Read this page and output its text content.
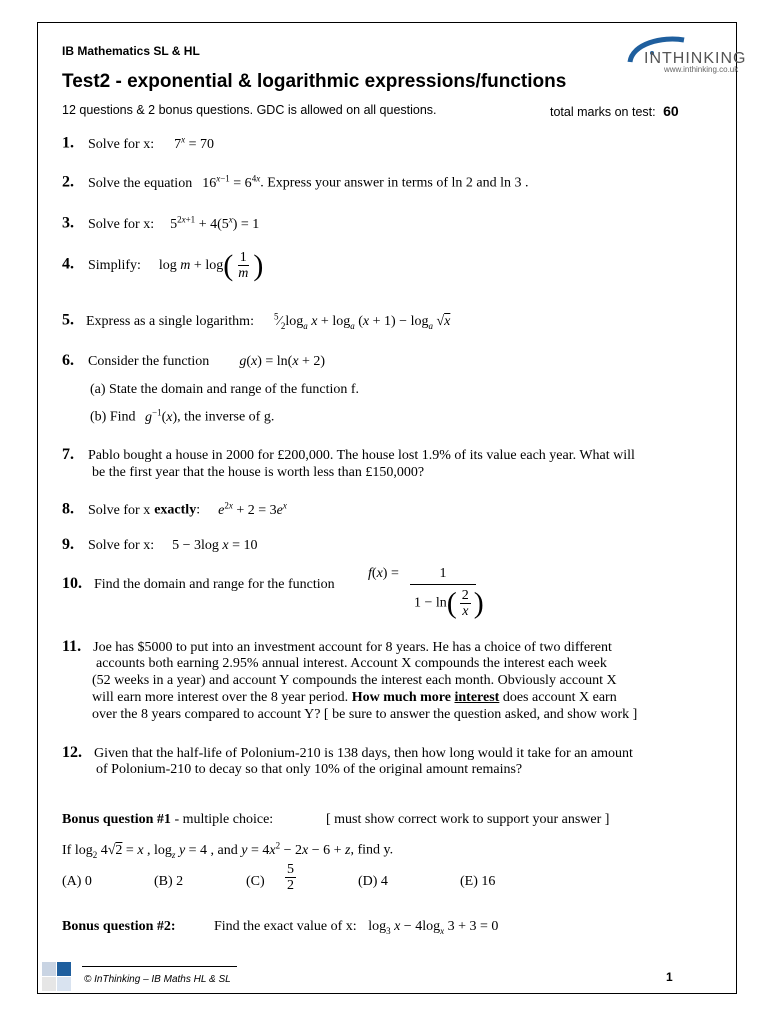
IB Mathematics SL & HL	INTHINKING
www.inthinking.co.uk
Test2 - exponential & logarithmic expressions/functions
12 questions & 2 bonus questions. GDC is allowed on all questions.	total marks on test: 60
1. Solve for x: $7^x = 70$
2. Solve the equation $16^{x-1} = 6^{4x}$. Express your answer in terms of ln 2 and ln 3 .
3. Solve for x: $5^{2x+1} + 4(5^x) = 1$
4. Simplify: $\log m + \log( \frac{1}{m}$ )
5. Express as a single logarithm: $^5⁄_2\log_a$ $x + \log_a (x + 1) - \log_a √x$
6. Consider the function g(x) = ln(x + 2)
(a) State the domain and range of the function f.
(b) Find $g^{-1}(x)$, the inverse of g.
7. Pablo bought a house in 2000 for £200,000. The house lost 1.9% of its value each year. What will
be the first year that the house is worth less than £150,000?
8. Solve for x exactly: $e^{2x} + 2 = 3e^x$
9. Solve for x: 5 − 3log x = 10
10. Find the domain and range for the function
f(x) =	1
$1 - \ln( \frac{2}{x}$ )
11. Joe has $5000 to put into an investment account for 8 years. He has a choice of two different
accounts both earning 2.95% annual interest. Account X compounds the interest each week
(52 weeks in a year) and account Y compounds the interest each month. Obviously account X
will earn more interest over the 8 year period. How much more interest does account X earn
over the 8 years compared to account Y? [ be sure to answer the question asked, and show work ]
12. Given that the half-life of Polonium-210 is 138 days, then how long would it take for an amount
of Polonium-210 to decay so that only 10% of the original amount remains?
Bonus question #1 - multiple choice:	[ must show correct work to support your answer ]
If $\log_2 4√2 = x$ , $\log_z y = 4$ , and $y = 4x^2 - 2x - 6 + z$, find y.
(A) 0	(B) 2	$(C) \frac{5}{2}$	(D) 4	(E) 16
Bonus question #2:	Find the exact value of x: $\log_3 x - 4\log_x$ 3 + 3 = 0
© InThinking – IB Maths HL & SL	1
